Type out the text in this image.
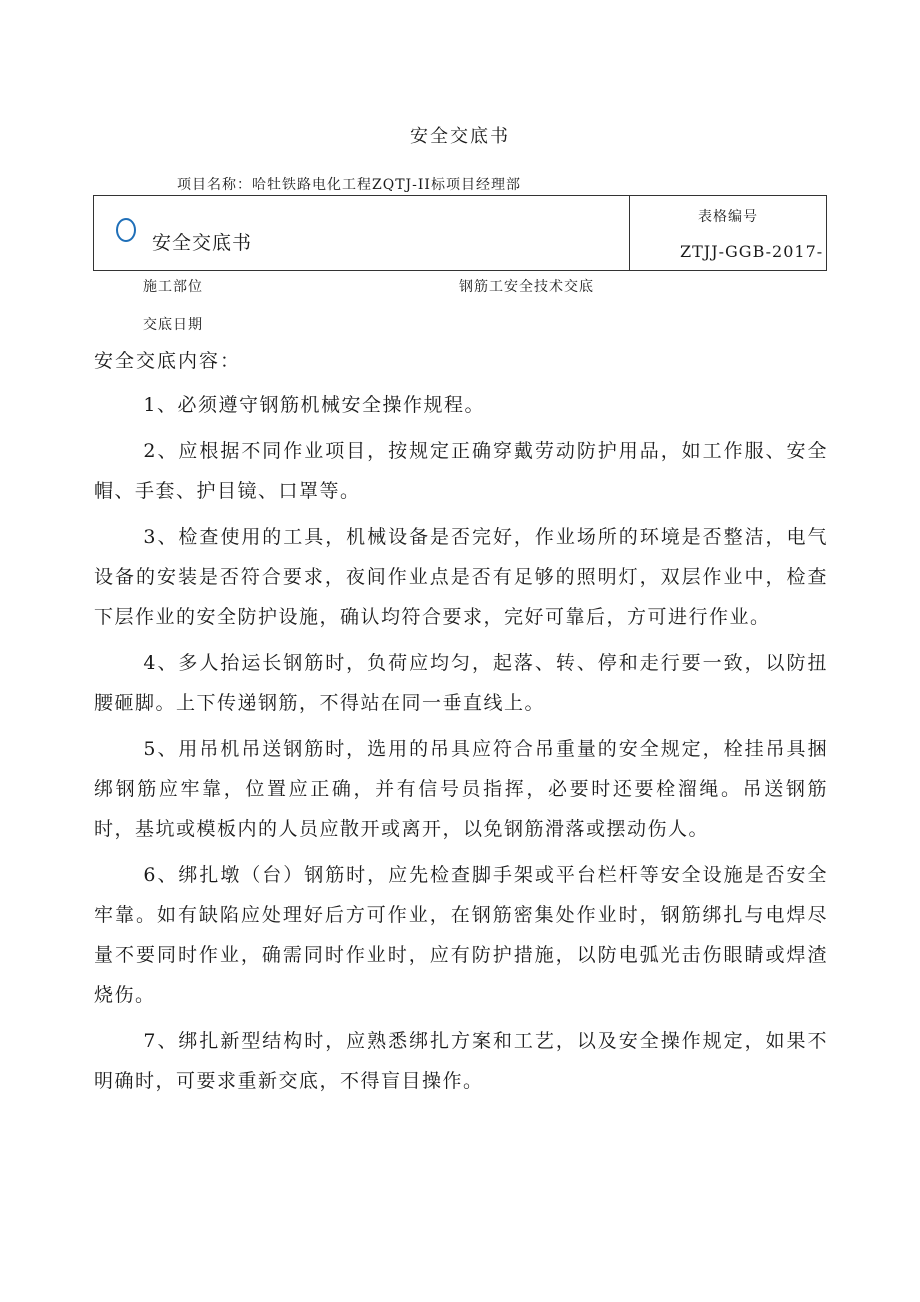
安全交底书
项目名称：哈牡铁路电化工程ZQTJ-II标项目经理部
安全交底书
表格编号
ZTJJ-GGB-2017-
施工部位	钢筋工安全技术交底
交底日期
安全交底内容：

1、必须遵守钢筋机械安全操作规程。

2、应根据不同作业项目，按规定正确穿戴劳动防护用品，如工作服、安全帽、手套、护目镜、口罩等。

3、检查使用的工具，机械设备是否完好，作业场所的环境是否整洁，电气设备的安装是否符合要求，夜间作业点是否有足够的照明灯，双层作业中，检查下层作业的安全防护设施，确认均符合要求，完好可靠后，方可进行作业。

4、多人抬运长钢筋时，负荷应均匀，起落、转、停和走行要一致，以防扭腰砸脚。上下传递钢筋，不得站在同一垂直线上。

5、用吊机吊送钢筋时，选用的吊具应符合吊重量的安全规定，栓挂吊具捆绑钢筋应牢靠，位置应正确，并有信号员指挥，必要时还要栓溜绳。吊送钢筋时，基坑或模板内的人员应散开或离开，以免钢筋滑落或摆动伤人。

6、绑扎墩（台）钢筋时，应先检查脚手架或平台栏杆等安全设施是否安全牢靠。如有缺陷应处理好后方可作业，在钢筋密集处作业时，钢筋绑扎与电焊尽量不要同时作业，确需同时作业时，应有防护措施，以防电弧光击伤眼睛或焊渣烧伤。

7、绑扎新型结构时，应熟悉绑扎方案和工艺，以及安全操作规定，如果不明确时，可要求重新交底，不得盲目操作。
